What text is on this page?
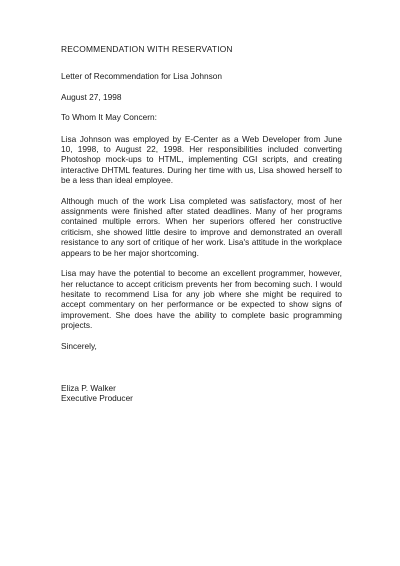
RECOMMENDATION WITH RESERVATION
Letter of Recommendation for Lisa Johnson
August 27, 1998
To Whom It May Concern:
Lisa Johnson was employed by E-Center as a Web Developer from June 10, 1998, to August 22, 1998. Her responsibilities included converting Photoshop mock-ups to HTML, implementing CGI scripts, and creating interactive DHTML features. During her time with us, Lisa showed herself to be a less than ideal employee.
Although much of the work Lisa completed was satisfactory, most of her assignments were finished after stated deadlines. Many of her programs contained multiple errors. When her superiors offered her constructive criticism, she showed little desire to improve and demonstrated an overall resistance to any sort of critique of her work. Lisa's attitude in the workplace appears to be her major shortcoming.
Lisa may have the potential to become an excellent programmer, however, her reluctance to accept criticism prevents her from becoming such. I would hesitate to recommend Lisa for any job where she might be required to accept commentary on her performance or be expected to show signs of improvement. She does have the ability to complete basic programming projects.
Sincerely,
Eliza P. Walker
Executive Producer
